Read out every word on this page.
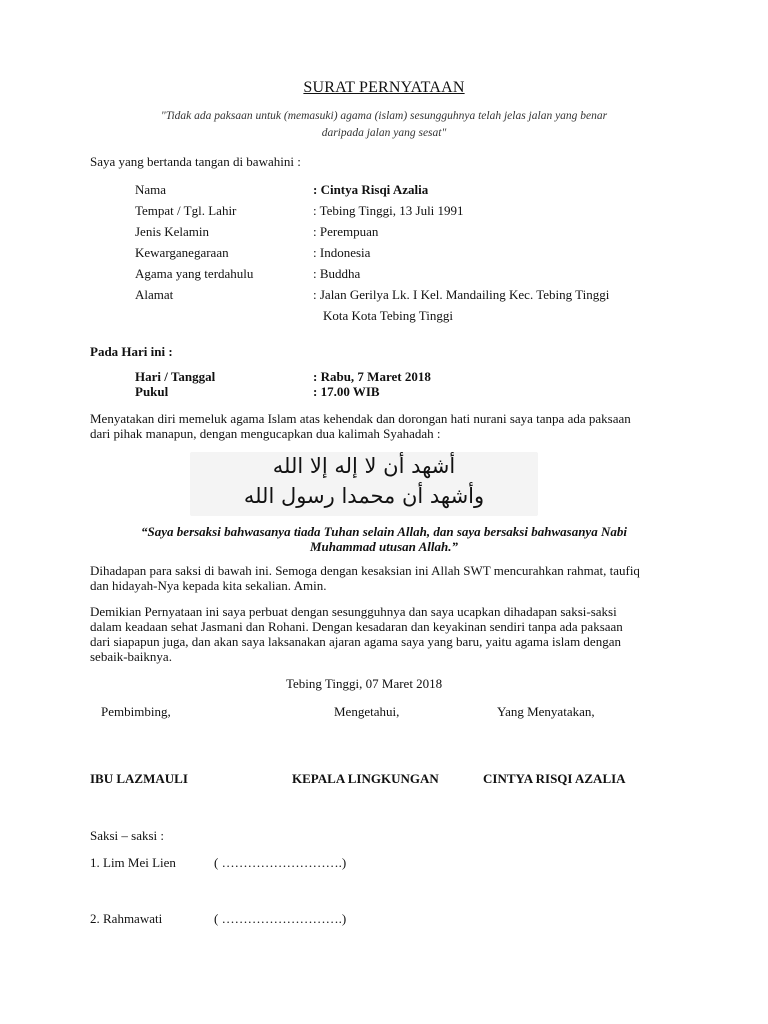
SURAT PERNYATAAN
"Tidak ada paksaan untuk (memasuki) agama (islam) sesungguhnya telah jelas jalan yang benar
daripada jalan yang sesat"
Saya yang bertanda tangan di bawahini :
Nama	: Cintya Risqi Azalia
Tempat / Tgl. Lahir	: Tebing Tinggi, 13 Juli 1991
Jenis Kelamin	: Perempuan
Kewarganegaraan	: Indonesia
Agama yang terdahulu	: Buddha
Alamat	: Jalan Gerilya Lk. I Kel. Mandailing Kec. Tebing Tinggi
Kota Kota Tebing Tinggi
Pada Hari ini :
Hari / Tanggal	: Rabu, 7 Maret 2018
Pukul	: 17.00 WIB
Menyatakan diri memeluk agama Islam atas kehendak dan dorongan hati nurani saya tanpa ada paksaan
dari pihak manapun, dengan mengucapkan dua kalimah Syahadah :
أشهد أن لا إله إلا الله
وأشهد أن محمدا رسول الله
“Saya bersaksi bahwasanya tiada Tuhan selain Allah, dan saya bersaksi bahwasanya Nabi
Muhammad utusan Allah.”
Dihadapan para saksi di bawah ini. Semoga dengan kesaksian ini Allah SWT mencurahkan rahmat, taufiq
dan hidayah-Nya kepada kita sekalian. Amin.
Demikian Pernyataan ini saya perbuat dengan sesungguhnya dan saya ucapkan dihadapan saksi-saksi
dalam keadaan sehat Jasmani dan Rohani. Dengan kesadaran dan keyakinan sendiri tanpa ada paksaan
dari siapapun juga, dan akan saya laksanakan ajaran agama saya yang baru, yaitu agama islam dengan
sebaik-baiknya.
Tebing Tinggi, 07 Maret 2018
Pembimbing,	Mengetahui,	Yang Menyatakan,
IBU LAZMAULI	KEPALA LINGKUNGAN	CINTYA RISQI AZALIA
Saksi – saksi :
1. Lim Mei Lien	( ……………………….)
2. Rahmawati	( ……………………….)
